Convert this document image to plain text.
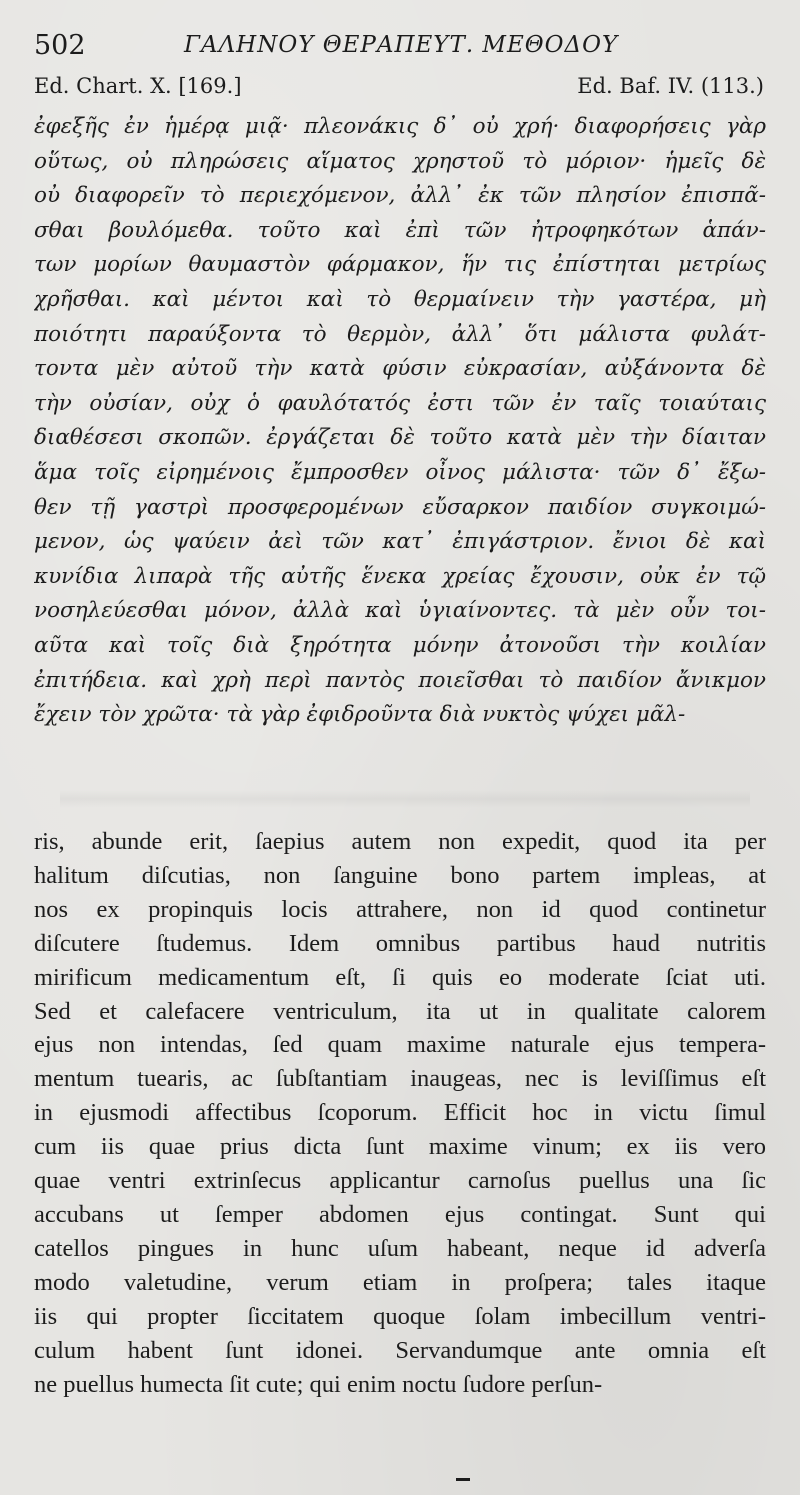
502	ΓΑΛΗΝΟΥ ΘΕΡΑΠΕΥΤ. ΜΕΘΟΔΟΥ
Ed. Chart. X. [169.]	Ed. Baf. IV. (113.)
ἐφεξῆς ἐν ἡμέρᾳ μιᾷ· πλεονάκις δ᾽ οὐ χρή· διαφορήσεις γὰρ
οὕτως, οὐ πληρώσεις αἵματος χρηστοῦ τὸ μόριον· ἡμεῖς δὲ
οὐ διαφορεῖν τὸ περιεχόμενον, ἀλλ᾽ ἐκ τῶν πλησίον ἐπισπᾶ-
σθαι βουλόμεθα. τοῦτο καὶ ἐπὶ τῶν ἠτροφηκότων ἁπάν-
των μορίων θαυμαστὸν φάρμακον, ἥν τις ἐπίστηται μετρίως
χρῆσθαι. καὶ μέντοι καὶ τὸ θερμαίνειν τὴν γαστέρα, μὴ
ποιότητι παραύξοντα τὸ θερμὸν, ἀλλ᾽ ὅτι μάλιστα φυλάτ-
τοντα μὲν αὐτοῦ τὴν κατὰ φύσιν εὐκρασίαν, αὐξάνοντα δὲ
τὴν οὐσίαν, οὐχ ὁ φαυλότατός ἐστι τῶν ἐν ταῖς τοιαύταις
διαθέσεσι σκοπῶν. ἐργάζεται δὲ τοῦτο κατὰ μὲν τὴν δίαιταν
ἅμα τοῖς εἰρημένοις ἔμπροσθεν οἶνος μάλιστα· τῶν δ᾽ ἔξω-
θεν τῇ γαστρὶ προσφερομένων εὔσαρκον παιδίον συγκοιμώ-
μενον, ὡς ψαύειν ἀεὶ τῶν κατ᾽ ἐπιγάστριον. ἔνιοι δὲ καὶ
κυνίδια λιπαρὰ τῆς αὐτῆς ἕνεκα χρείας ἔχουσιν, οὐκ ἐν τῷ
νοσηλεύεσθαι μόνον, ἀλλὰ καὶ ὑγιαίνοντες. τὰ μὲν οὖν τοι-
αῦτα καὶ τοῖς διὰ ξηρότητα μόνην ἀτονοῦσι τὴν κοιλίαν
ἐπιτήδεια. καὶ χρὴ περὶ παντὸς ποιεῖσθαι τὸ παιδίον ἄνικμον
ἔχειν τὸν χρῶτα· τὰ γὰρ ἐφιδροῦντα διὰ νυκτὸς ψύχει μᾶλ-
ris, abunde erit, ſaepius autem non expedit, quod ita per
halitum diſcutias, non ſanguine bono partem impleas, at
nos ex propinquis locis attrahere, non id quod continetur
diſcutere ſtudemus. Idem omnibus partibus haud nutritis
mirificum medicamentum eſt, ſi quis eo moderate ſciat uti.
Sed et calefacere ventriculum, ita ut in qualitate calorem
ejus non intendas, ſed quam maxime naturale ejus tempera-
mentum tuearis, ac ſubſtantiam inaugeas, nec is leviſſimus eſt
in ejusmodi affectibus ſcoporum. Efficit hoc in victu ſimul
cum iis quae prius dicta ſunt maxime vinum; ex iis vero
quae ventri extrinſecus applicantur carnoſus puellus una ſic
accubans ut ſemper abdomen ejus contingat. Sunt qui
catellos pingues in hunc uſum habeant, neque id adverſa
modo valetudine, verum etiam in proſpera; tales itaque
iis qui propter ſiccitatem quoque ſolam imbecillum ventri-
culum habent ſunt idonei. Servandumque ante omnia eſt
ne puellus humecta ſit cute; qui enim noctu ſudore perſun-
